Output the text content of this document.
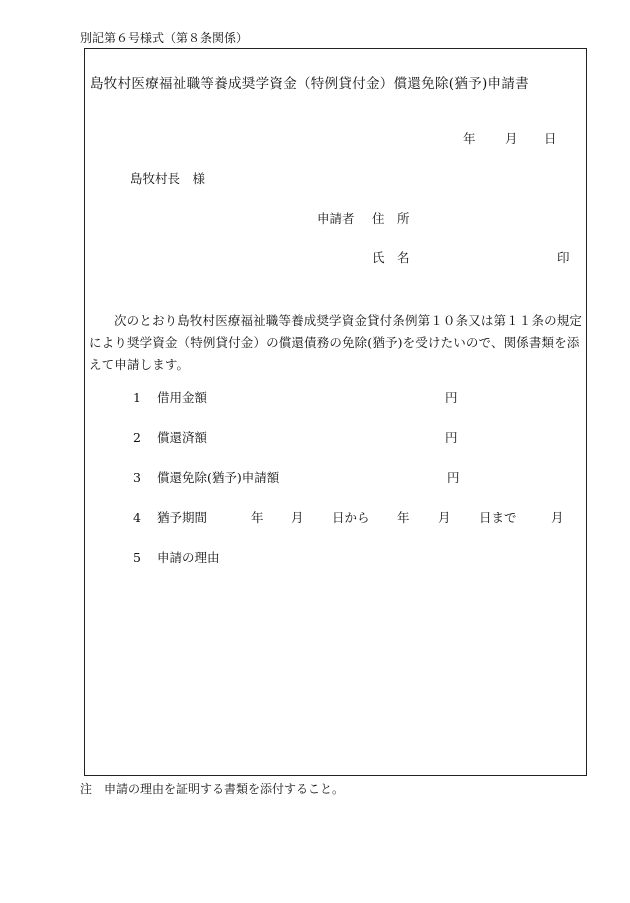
別記第６号様式（第８条関係）
島牧村医療福祉職等養成奨学資金（特例貸付金）償還免除(猶予)申請書
年 月 日
島牧村長　様
申請者 住　所
氏　名	印

次のとおり島牧村医療福祉職等養成奨学資金貸付条例第１０条又は第１１条の規定により奨学資金（特例貸付金）の償還債務の免除(猶予)を受けたいので、関係書類を添えて申請します。

1 借用金額	円
2 償還済額	円
3 償還免除(猶予)申請額	円
4 猶予期間	年 月 日から 年 月 日まで	月
5 申請の理由
注　申請の理由を証明する書類を添付すること。
